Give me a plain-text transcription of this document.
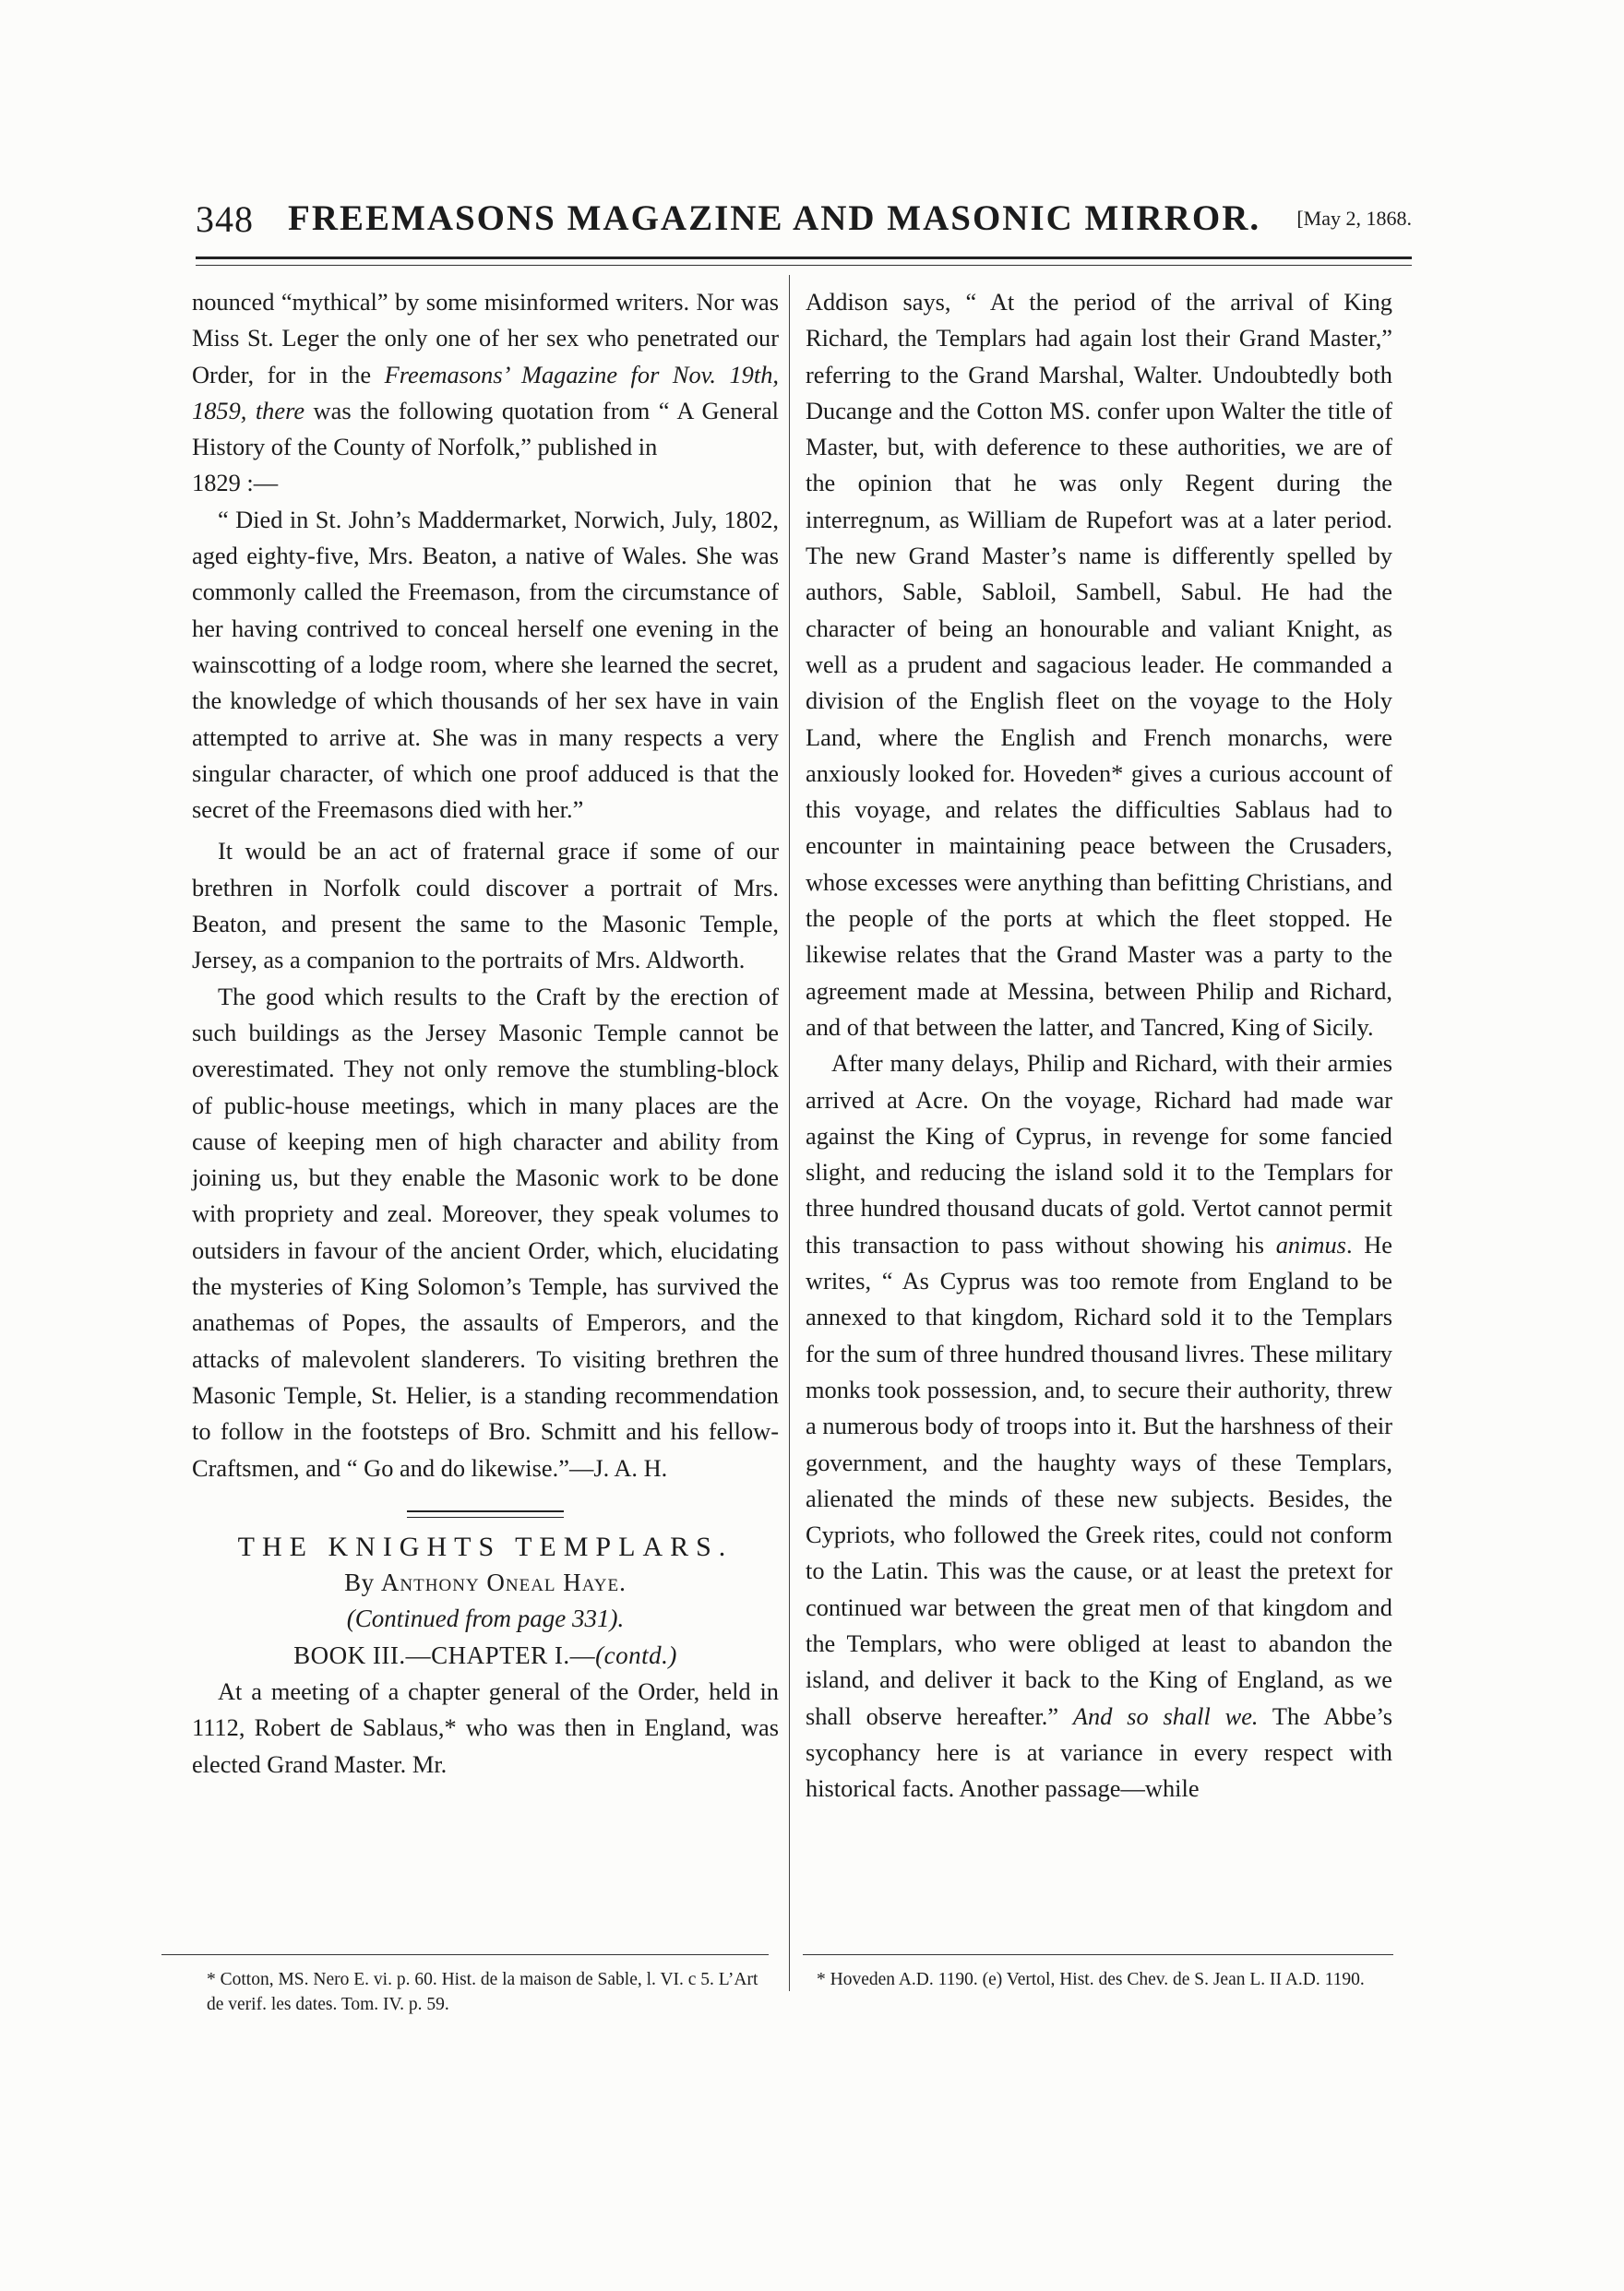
348 FREEMASONS MAGAZINE AND MASONIC MIRROR. [May 2, 1868.

nounced “mythical” by some misinformed writers. Nor was Miss St. Leger the only one of her sex who penetrated our Order, for in the Freemasons’ Magazine for Nov. 19th, 1859, there was the following quotation from “ A General History of the County of Norfolk,” published in
1829 :—

“ Died in St. John’s Maddermarket, Norwich, July, 1802, aged eighty-five, Mrs. Beaton, a native of Wales. She was commonly called the Freemason, from the circumstance of her having contrived to conceal herself one evening in the wainscotting of a lodge room, where she learned the secret, the knowledge of which thousands of her sex have in vain attempted to arrive at. She was in many respects a very singular character, of which one proof adduced is that the secret of the Freemasons died with her.”

It would be an act of fraternal grace if some of our brethren in Norfolk could discover a portrait of Mrs. Beaton, and present the same to the Masonic Temple, Jersey, as a companion to the portraits of Mrs. Aldworth.

The good which results to the Craft by the erection of such buildings as the Jersey Masonic Temple cannot be overestimated. They not only remove the stumbling-block of public-house meetings, which in many places are the cause of keeping men of high character and ability from joining us, but they enable the Masonic work to be done with propriety and zeal. Moreover, they speak volumes to outsiders in favour of the ancient Order, which, elucidating the mysteries of King Solomon’s Temple, has survived the anathemas of Popes, the assaults of Emperors, and the attacks of malevolent slanderers. To visiting brethren the Masonic Temple, St. Helier, is a standing recommendation to follow in the footsteps of Bro. Schmitt and his fellow-Craftsmen, and “ Go and do likewise.”—J. A. H.

THE KNIGHTS TEMPLARS.

By Anthony Oneal Haye.

(Continued from page 331).

BOOK III.—CHAPTER I.—(contd.)

At a meeting of a chapter general of the Order, held in 1112, Robert de Sablaus,* who was then in England, was elected Grand Master. Mr.

Addison says, “ At the period of the arrival of King Richard, the Templars had again lost their Grand Master,” referring to the Grand Marshal, Walter. Undoubtedly both Ducange and the Cotton MS. confer upon Walter the title of Master, but, with deference to these authorities, we are of the opinion that he was only Regent during the interregnum, as William de Rupefort was at a later period. The new Grand Master’s name is differently spelled by authors, Sable, Sabloil, Sambell, Sabul. He had the character of being an honourable and valiant Knight, as well as a prudent and sagacious leader. He commanded a division of the English fleet on the voyage to the Holy Land, where the English and French monarchs, were anxiously looked for. Hoveden* gives a curious account of this voyage, and relates the difficulties Sablaus had to encounter in maintaining peace between the Crusaders, whose excesses were anything than befitting Christians, and the people of the ports at which the fleet stopped. He likewise relates that the Grand Master was a party to the agreement made at Messina, between Philip and Richard, and of that between the latter, and Tancred, King of Sicily.

After many delays, Philip and Richard, with their armies arrived at Acre. On the voyage, Richard had made war against the King of Cyprus, in revenge for some fancied slight, and reducing the island sold it to the Templars for three hundred thousand ducats of gold. Vertot cannot permit this transaction to pass without showing his animus. He writes, “ As Cyprus was too remote from England to be annexed to that kingdom, Richard sold it to the Templars for the sum of three hundred thousand livres. These military monks took possession, and, to secure their authority, threw a numerous body of troops into it. But the harshness of their government, and the haughty ways of these Templars, alienated the minds of these new subjects. Besides, the Cypriots, who followed the Greek rites, could not conform to the Latin. This was the cause, or at least the pretext for continued war between the great men of that kingdom and the Templars, who were obliged at least to abandon the island, and deliver it back to the King of England, as we shall observe hereafter.” And so shall we. The Abbe’s sycophancy here is at variance in every respect with historical facts. Another passage—while

* Cotton, MS. Nero E. vi. p. 60. Hist. de la maison de Sable, l. VI. c 5. L’Art de verif. les dates. Tom. IV. p. 59.
* Hoveden A.D. 1190. (e) Vertol, Hist. des Chev. de S. Jean L. II A.D. 1190.
